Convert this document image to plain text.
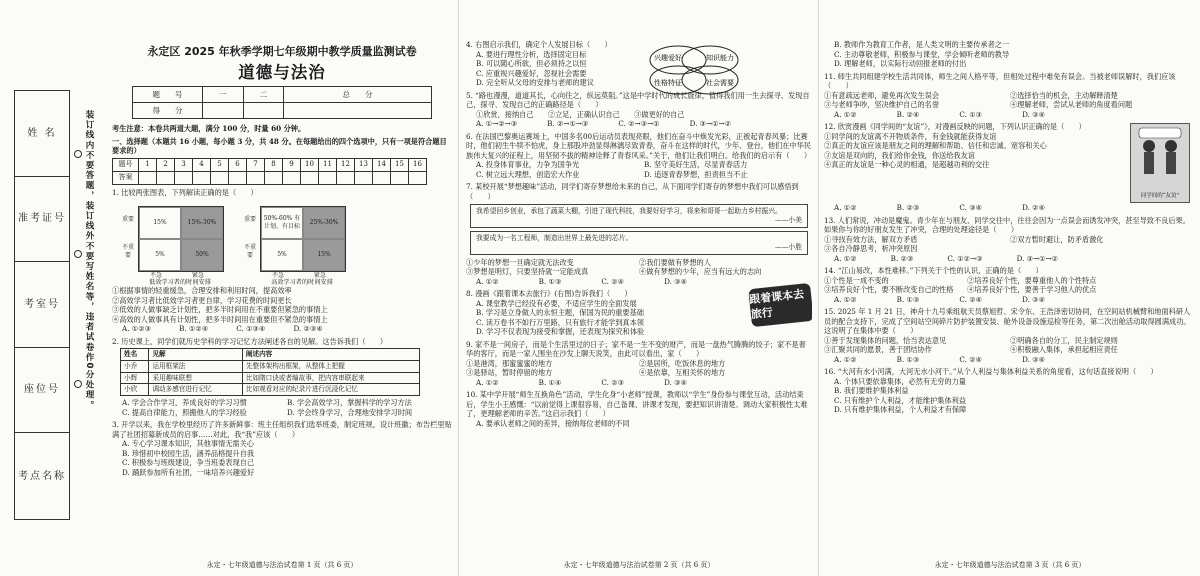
姓 名
准考证号
考室号
座位号
考点名称
装订线内不要答题，装订线外不要写姓名等，违者试卷作0分处理。
永定区 2025 年秋季学期七年级期中教学质量监测试卷
道德与法治
题　　号	一	二	总　　分
得　　分			
考生注意：本卷共两道大题，满分 100 分，时量 60 分钟。
一、选择题（本题共 16 小题，每小题 3 分，共 48 分。在每题给出的四个选项中，只有一项是符合题目要求的）
题号	1	2	3	4	5	6	7	8	9	10	11	12	13	14	15	16
答案																
1. 比较两张图表，下列解读正确的是（　　）
重要
不重要
15%	15%-30%
5%	50%
不急	紧急
低效学习者的时间安排
重要
不重要
50%-60% 有计划、有目标
25%-30%
5%	15%
不急	紧急
高效学习者的时间安排
①根据事情的轻重缓急，合理安排和利用时间，提高效率
②高效学习者比低效学习者更自律，学习花费的时间更长
③低效的人做事缺乏计划性，把多半时间用在不重要但紧急的事情上
④高效的人做事具有计划性，把多半时间用在重要但不紧急的事情上
A. ①②③	B. ①②④	C. ①③④	D. ②③④
2. 历史课上，同学们就历史学科的学习记忆方法阐述各自的见解。这告诉我们（　　）
姓名	见解	阐述内容
小乔	运用框架法	先整体架构出框架，从整体上把握
小辉	采用趣味联想	比如隋口诀或者编故事，把内容串联起来
小欣	调动多感官进行记忆	比如观看对应的纪录片进行沉浸化记忆
A. 学会合作学习，养成良好的学习习惯	B. 学会高效学习，掌握科学的学习方法
C. 提高自律能力，照搬他人的学习经验	D. 学会终身学习，合理地安排学习时间
3. 开学以来，我在学校里经历了许多新鲜事：班主任组织我们选举班委，制定班规，设计班徽；布告栏里贴满了社团招募新成员的启事……对此，我“我”应该（　　）
A. 专心学习课本知识，其他事情无需关心
B. 珍惜初中校园生活，涵养品格提升自我
C. 积极参与班级建设，争当班委表现自己
D. 踊跃参加所有社团，一味培养兴趣爱好
永定・七年级道德与法治试卷第 1 页（共 6 页）
4. 右图启示我们，确定个人发展目标（　　）
兴趣爱好	知识能力
性格特征	社会需要
A. 要进行理性分析，选择固定目标
B. 可以随心所欲，但必须持之以恒
C. 应重视兴趣爱好，忽视社会需要
D. 完全听从父母的安排与老师的建议
5. “路也漫漫，道道其长，心向往之，纵远莫阻。”这是中学时代的成长旋律，值得我们用一生去探寻、发现自己，探寻、发现自己的正确路径是（　　）
①欣赏，接纳自己　　②立足，正确认识自己　　③做更好的自己
A. ①→②→③	B. ②→①→③	C. ②→③→①	D. ③→①→②
6. 在法国巴黎奥运赛场上，中国多名00后运动员表现亮眼，他们在奋斗中焕发光彩，正被起青春风暴；比赛时，他们初生牛犊不怕虎，身上那股冲劲显得淋漓尽致青春，奋斗在这样的时代，少年、登台，他们在中华民族伟大复兴的征程上，用坚韧不拔的精神诠释了青春风采。”关于，他们让我们明白。给我们的启示有（　　）
A. 投身体育事业，力争为国争光	B. 坚守美好生活，尽显青春活力
C. 树立远大理想，创造宏大作业	D. 追逐青春梦想，担责担当不止
7. 某校开展“梦想趣味”活动，同学们寄存梦想给未来的自己，从下面同学们寄存的梦想中我们可以感悟到（　　）
我希望回乡创业，承包了蔬菜大棚，引进了现代科技，我要好好学习，将来和哥哥一起助力乡村振兴。
——小美
我要成为一名工程师，制造出世界上最先进的芯片。
——小胜
①少年的梦想一旦确定就无法改变	②我们要做有梦想的人
③梦想是明灯，只要坚持就一定能成真	④做有梦想的少年，应当有远大的志向
A. ①②	B. ①③	C. ②④	D. ③④
8. 漫画《跟着课本去旅行》(右图)告诉我们（　　）
A. 课堂教学已经没有必要，不适应学生的全面发展
B. 学习是立身做人的永恒主题，保国为民的重要基础
C. 读万卷书不如行万里路，只有旅行才能学到真本领
D. 学习不仅表现为接受和掌握，还表现为探究和体验
跟着课本去旅行
9. 家不是一间房子，而是个生活里过的日子；家不是一生不变的财产，而是一盘热气腾腾的饺子；家不是奢华的客厅，而是一家人围坐在沙发上聊天说笑，由此可以看出，家（　　）
①是港湾，那蜜蜜蜜的地方	②是居所，吃饭休息的地方
③是驿站，暂时停留的地方	④是依靠，互相关怀的地方
A. ①②	B. ①④	C. ②③	D. ③④
10. 某中学开展“师生互换角色”活动，学生化身“小老师”授课，教师以“学生”身份参与课堂互动，活动结束后，学生小王感慨：“以前觉得上课很容易，自己备课、讲课才发现，要把知识讲清楚、调动大家积极性太难了，更理解老师的辛苦。”这启示我们（　　）
A. 要承认老师之间的差异，接纳每位老师的不同
永定・七年级道德与法治试卷第 2 页（共 6 页）
B. 教师作为教育工作者，是人类文明的主要传承者之一
C. 主动尊敬老师，积极参与课堂，学会倾听老师的教导
D. 理解老师，以实际行动回报老师的付出
11. 师生共同组建学校生活共同体，师生之间人格平等，但相处过程中难免有误会。当被老师误解时，我们应该（　　）
①有意疏远老师，避免再次发生误会	②选择恰当的机会，主动解释清楚
③与老师争吵，坚决维护自己的名誉	④理解老师，尝试从老师的角度看问题
A. ①②	B. ②④	C. ①③	D. ③④
12. 欣赏漫画《同学间的“友谊”》，对漫画反映的问题，下列认识正确的是（　　）
①同学间的友谊离不开物质条件，有金钱就能获得友谊
②真正的友谊应该是朋友之间的理解和帮助、信任和忠诚、宽容和关心
③友谊是双向的，我们给你金钱，你送给我友谊
④真正的友谊是一种心灵的相通，是超越功利的交往
同学间的“友谊”
A. ①②	B. ②③	C. ③④	D. ②④
13. 人们常说，冲动是魔鬼。青少年在与朋友、同学交往中，往往会因为一点误会而诱发冲突，甚至导致不良后果。如果你与你的好朋友发生了冲突，合理的处理途径是（　　）
①寻找有效方法，解双方矛盾	②双方暂时避让，防矛盾激化
③各自冷静思考，析冲突原因
A. ①②	B. ②③	C. ①②→③	D. ③→①→②
14. “江山易改，本性难移。”下列关于个性的认识，正确的是（　　）
①个性是一成不变的	②培养良好个性，要尊重他人的个性特点
③培养良好个性，要不断改变自己的性格	④培养良好个性，要善于学习他人的优点
A. ①②	B. ①③	C. ②④	D. ③④
15. 2025 年 1 月 21 日，神舟十九号乘组航天员蔡旭哲、宋令东、王浩泽密切协同，在空间站机械臂和地面科研人员的配合支持下，完成了空间站空间碎片防护装置安装、舱外设备设施巡检等任务，第二次出舱活动取得圆满成功。这说明了在集体中要（　　）
①善于发现集体的问题，恰当表达意见	②明确各自的分工，民主制定规则
③汇聚共同的愿景，善于团结协作	④积极融入集体，承担起相应责任
A. ①②	B. ①③	C. ②④	D. ③④
16. “大河有水小河满，大河无水小河干。”从个人利益与集体利益关系的角度看，这句话直接说明（　　）
A. 个体只要依靠集体，必然有无穷的力量
B. 我们要维护集体利益
C. 只有维护个人利益，才能维护集体利益
D. 只有维护集体利益，个人利益才有保障
永定・七年级道德与法治试卷第 3 页（共 6 页）
